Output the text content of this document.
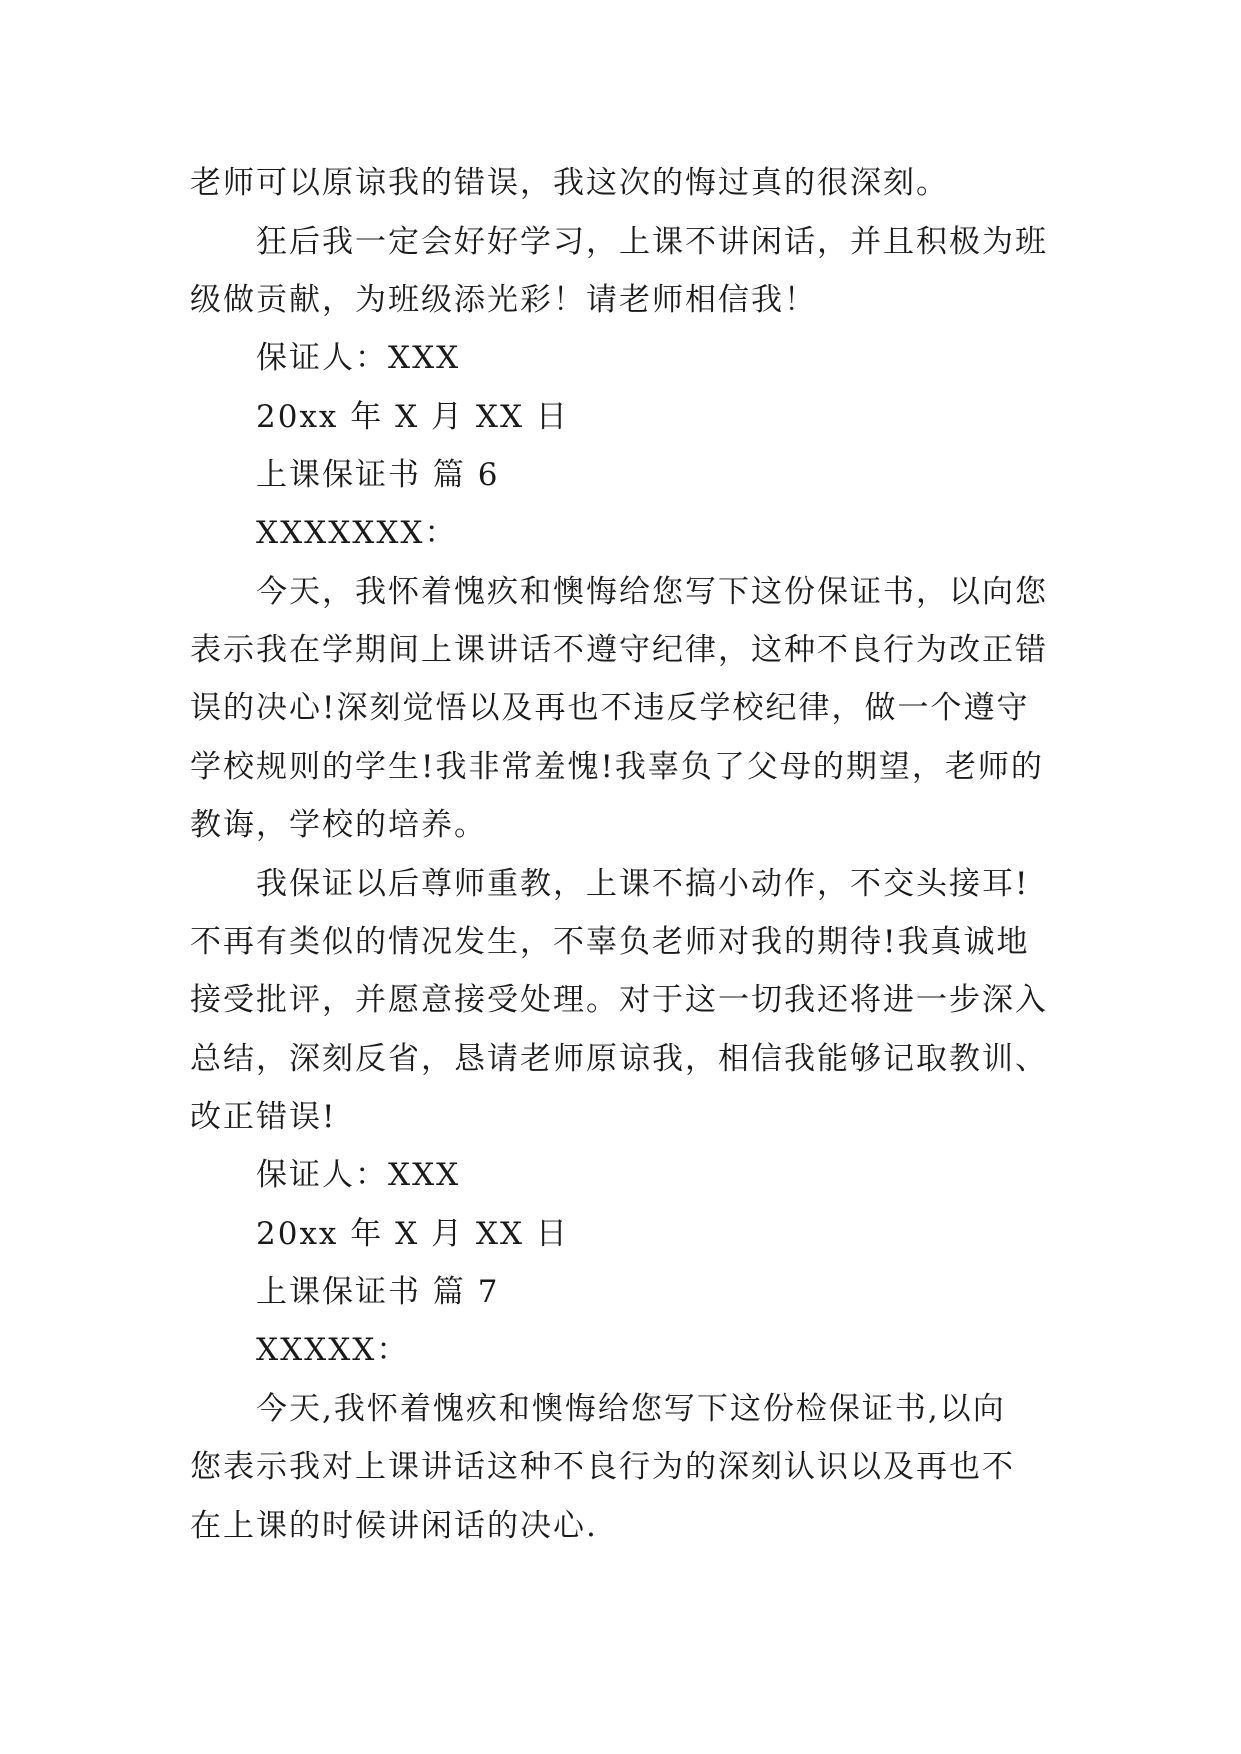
老师可以原谅我的错误，我这次的悔过真的很深刻。
狂后我一定会好好学习，上课不讲闲话，并且积极为班
级做贡献，为班级添光彩！请老师相信我！
保证人：XXX
20xx 年 X 月 XX 日
上课保证书 篇 6
XXXXXXX：
今天，我怀着愧疚和懊悔给您写下这份保证书，以向您
表示我在学期间上课讲话不遵守纪律，这种不良行为改正错
误的决心!深刻觉悟以及再也不违反学校纪律，做一个遵守
学校规则的学生!我非常羞愧!我辜负了父母的期望，老师的
教诲，学校的培养。
我保证以后尊师重教，上课不搞小动作，不交头接耳!
不再有类似的情况发生，不辜负老师对我的期待!我真诚地
接受批评，并愿意接受处理。对于这一切我还将进一步深入
总结，深刻反省，恳请老师原谅我，相信我能够记取教训、
改正错误!
保证人：XXX
20xx 年 X 月 XX 日
上课保证书 篇 7
XXXXX：
今天,我怀着愧疚和懊悔给您写下这份检保证书,以向
您表示我对上课讲话这种不良行为的深刻认识以及再也不
在上课的时候讲闲话的决心.
